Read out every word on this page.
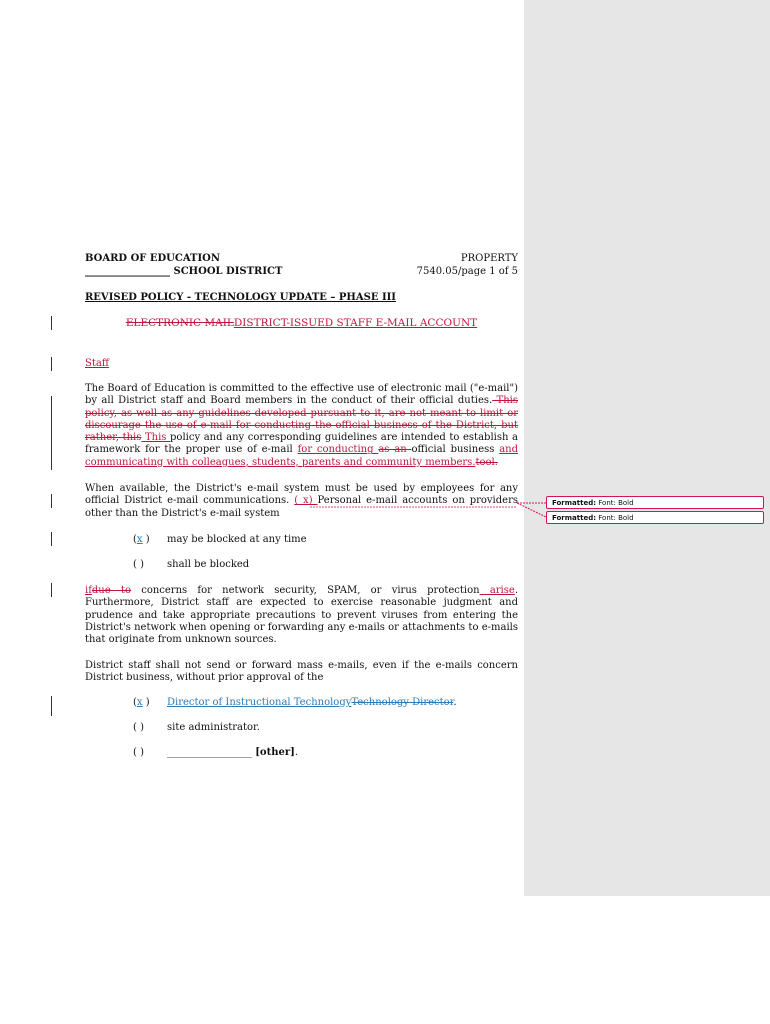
BOARD OF EDUCATION	PROPERTY
_________________ SCHOOL DISTRICT	7540.05/page 1 of 5
REVISED POLICY - TECHNOLOGY UPDATE – PHASE III
ELECTRONIC MAILDISTRICT-ISSUED STAFF E-MAIL ACCOUNT
Staff
The Board of Education is committed to the effective use of electronic mail ("e-mail") by all District staff and Board members in the conduct of their official duties. This policy, as well as any guidelines developed pursuant to it, are not meant to limit or discourage the use of e-mail for conducting the official business of the District, but rather, this This policy and any corresponding guidelines are intended to establish a framework for the proper use of e-mail for conducting as an official business and communicating with colleagues, students, parents and community members.tool.
When available, the District's e-mail system must be used by employees for any official District e-mail communications. ( x) Personal e-mail accounts on providers other than the District's e-mail system
(x ) may be blocked at any time
( ) shall be blocked
ifdue to concerns for network security, SPAM, or virus protection arise. Furthermore, District staff are expected to exercise reasonable judgment and prudence and take appropriate precautions to prevent viruses from entering the District's network when opening or forwarding any e-mails or attachments to e-mails that originate from unknown sources.
District staff shall not send or forward mass e-mails, even if the e-mails concern District business, without prior approval of the
(x ) Director of Instructional TechnologyTechnology Director.
( ) site administrator.
( ) _________________ [other].
Formatted: Font: Bold
Formatted: Font: Bold
